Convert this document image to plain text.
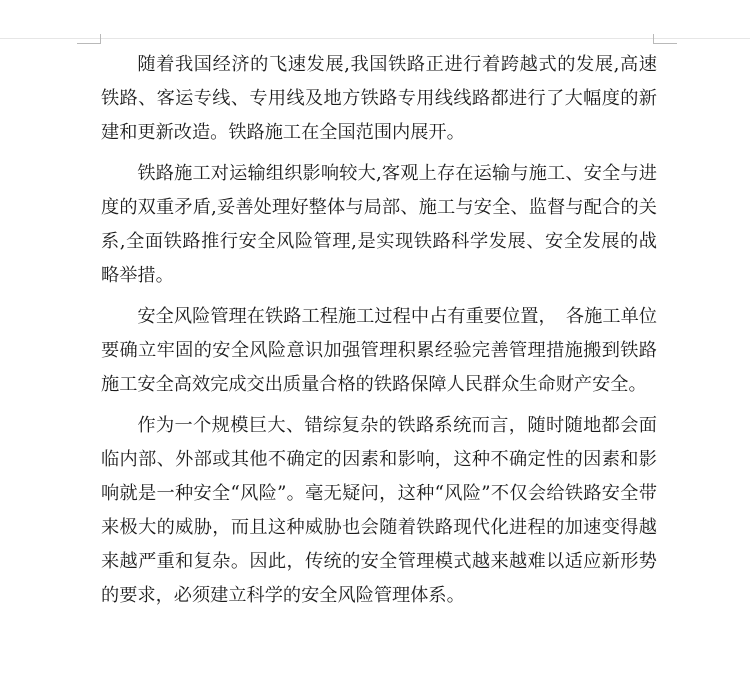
随着我国经济的飞速发展,我国铁路正进行着跨越式的发展,高速铁路、客运专线、专用线及地方铁路专用线线路都进行了大幅度的新建和更新改造。铁路施工在全国范围内展开。

铁路施工对运输组织影响较大,客观上存在运输与施工、安全与进度的双重矛盾,妥善处理好整体与局部、施工与安全、监督与配合的关系,全面铁路推行安全风险管理,是实现铁路科学发展、安全发展的战略举措。

安全风险管理在铁路工程施工过程中占有重要位置，　各施工单位要确立牢固的安全风险意识加强管理积累经验完善管理措施搬到铁路施工安全高效完成交出质量合格的铁路保障人民群众生命财产安全。

作为一个规模巨大、错综复杂的铁路系统而言，随时随地都会面临内部、外部或其他不确定的因素和影响，这种不确定性的因素和影响就是一种安全“风险”。毫无疑问，这种“风险”不仅会给铁路安全带来极大的威胁，而且这种威胁也会随着铁路现代化进程的加速变得越来越严重和复杂。因此，传统的安全管理模式越来越难以适应新形势的要求，必须建立科学的安全风险管理体系。
